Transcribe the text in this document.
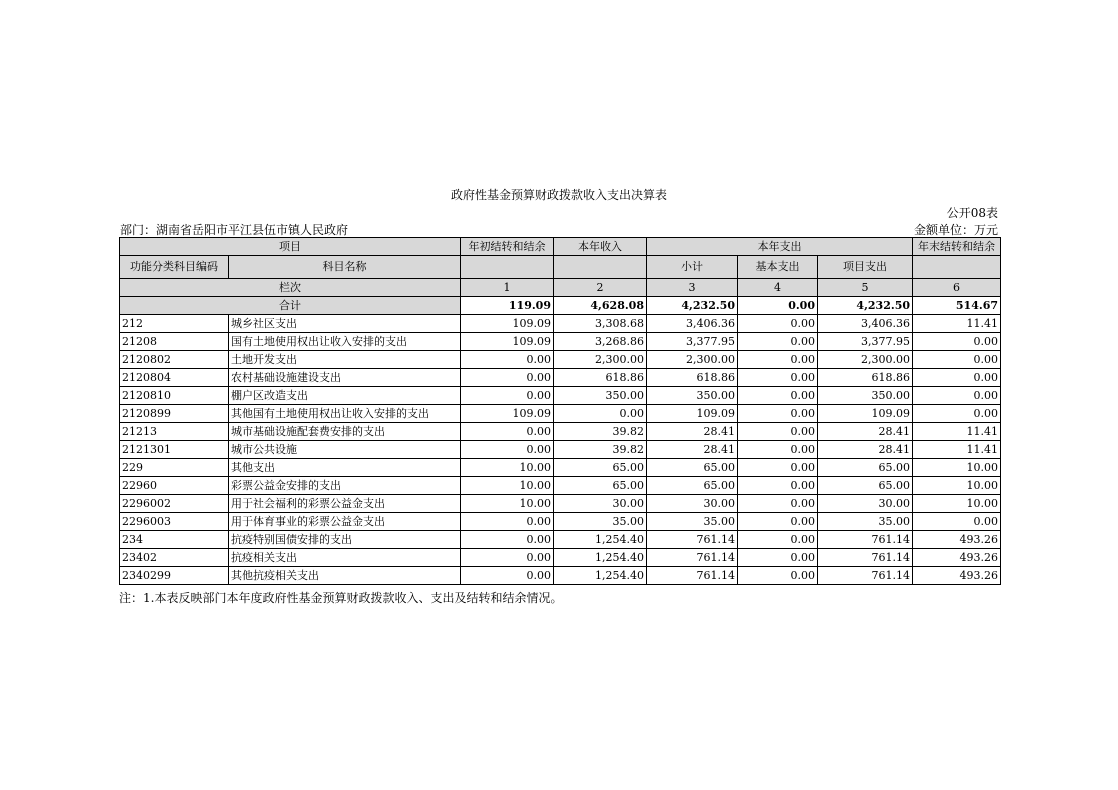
政府性基金预算财政拨款收入支出决算表
公开08表
部门：湖南省岳阳市平江县伍市镇人民政府	金额单位：万元
项目		年初结转和结余	本年收入	本年支出			年末结转和结余
功能分类科目编码	科目名称			小计	基本支出	项目支出	
栏次		1	2	3	4	5	6
合计		119.09	4,628.08	4,232.50	0.00	4,232.50	514.67
212	城乡社区支出	109.09	3,308.68	3,406.36	0.00	3,406.36	11.41
21208	国有土地使用权出让收入安排的支出	109.09	3,268.86	3,377.95	0.00	3,377.95	0.00
2120802	土地开发支出	0.00	2,300.00	2,300.00	0.00	2,300.00	0.00
2120804	农村基础设施建设支出	0.00	618.86	618.86	0.00	618.86	0.00
2120810	棚户区改造支出	0.00	350.00	350.00	0.00	350.00	0.00
2120899	其他国有土地使用权出让收入安排的支出	109.09	0.00	109.09	0.00	109.09	0.00
21213	城市基础设施配套费安排的支出	0.00	39.82	28.41	0.00	28.41	11.41
2121301	城市公共设施	0.00	39.82	28.41	0.00	28.41	11.41
229	其他支出	10.00	65.00	65.00	0.00	65.00	10.00
22960	彩票公益金安排的支出	10.00	65.00	65.00	0.00	65.00	10.00
2296002	用于社会福利的彩票公益金支出	10.00	30.00	30.00	0.00	30.00	10.00
2296003	用于体育事业的彩票公益金支出	0.00	35.00	35.00	0.00	35.00	0.00
234	抗疫特别国债安排的支出	0.00	1,254.40	761.14	0.00	761.14	493.26
23402	抗疫相关支出	0.00	1,254.40	761.14	0.00	761.14	493.26
2340299	其他抗疫相关支出	0.00	1,254.40	761.14	0.00	761.14	493.26
注：1.本表反映部门本年度政府性基金预算财政拨款收入、支出及结转和结余情况。
